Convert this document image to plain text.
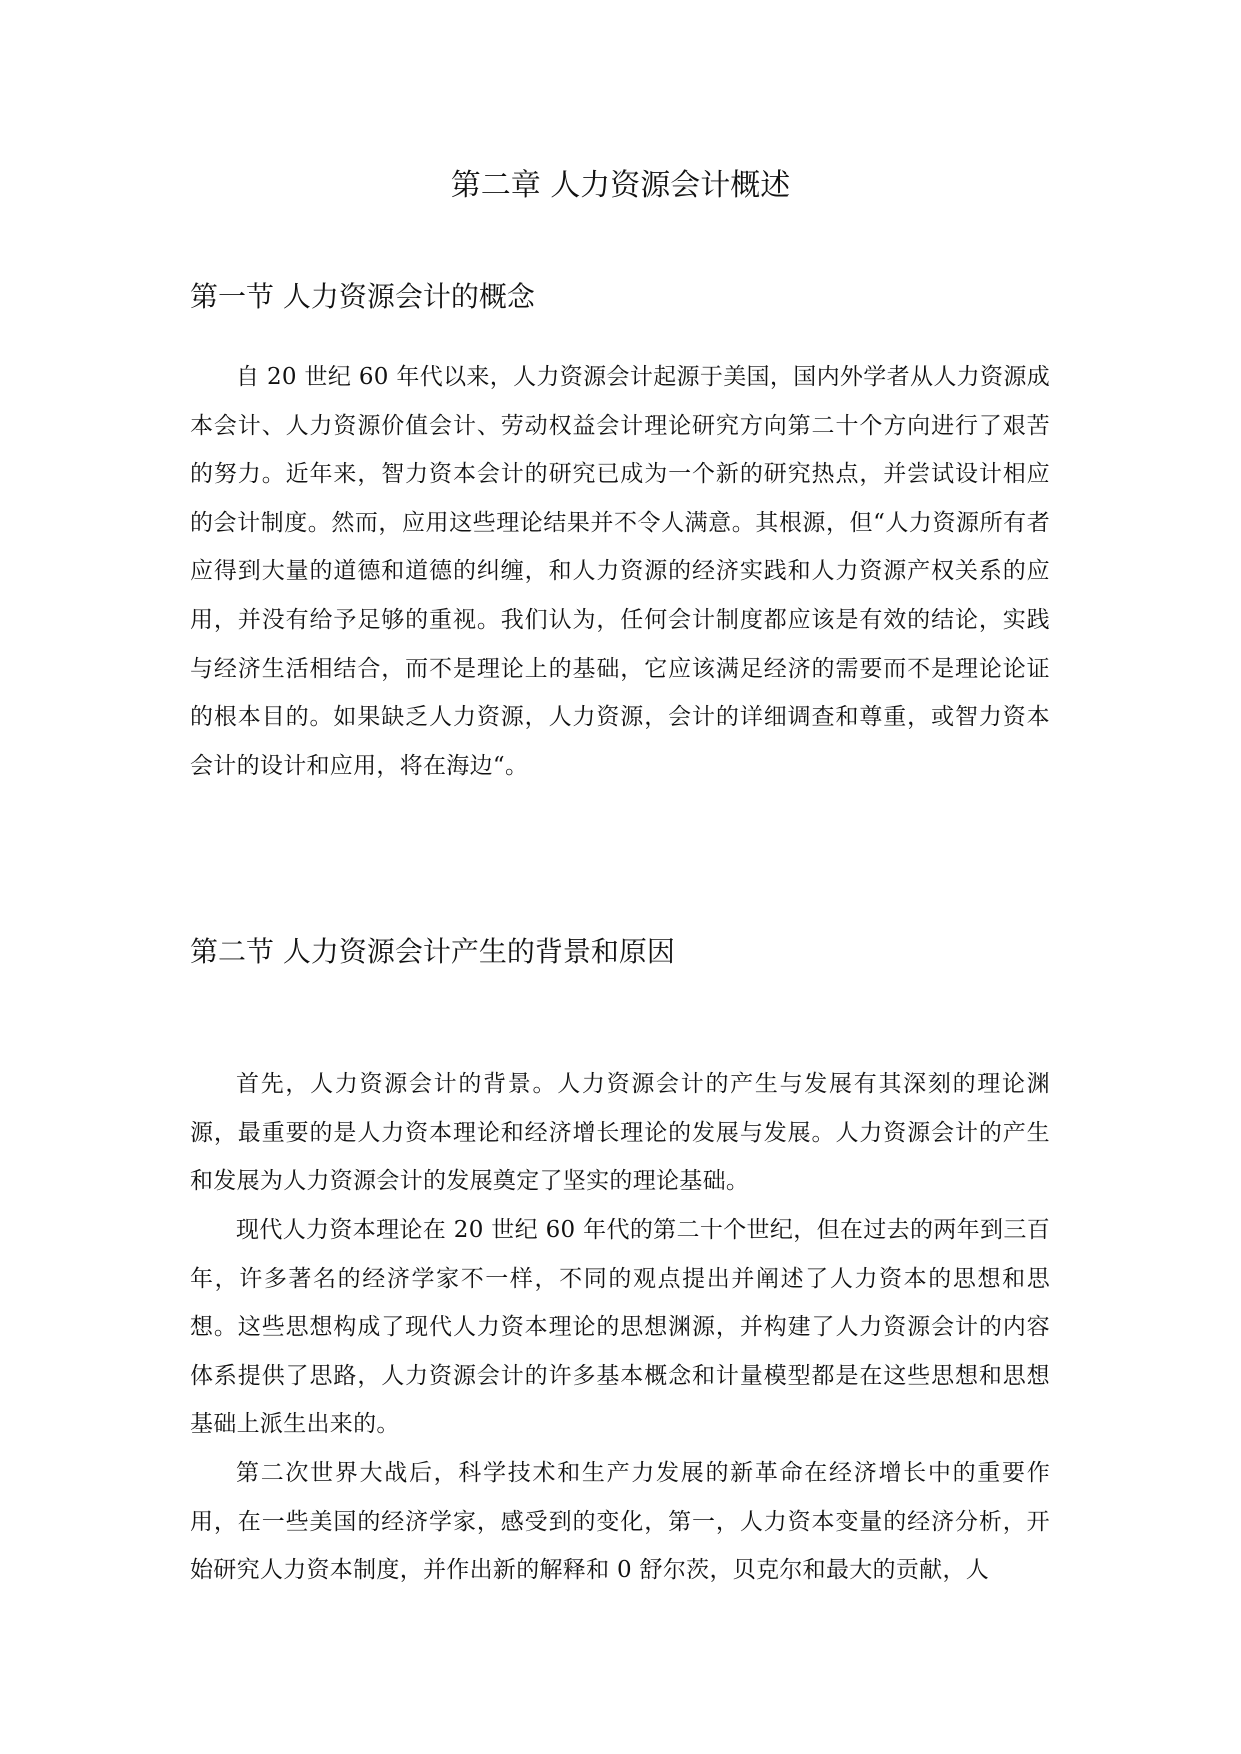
第二章 人力资源会计概述
第一节 人力资源会计的概念

自 20 世纪 60 年代以来，人力资源会计起源于美国，国内外学者从人力资源成本会计、人力资源价值会计、劳动权益会计理论研究方向第二十个方向进行了艰苦的努力。近年来，智力资本会计的研究已成为一个新的研究热点，并尝试设计相应的会计制度。然而，应用这些理论结果并不令人满意。其根源，但“人力资源所有者应得到大量的道德和道德的纠缠，和人力资源的经济实践和人力资源产权关系的应用，并没有给予足够的重视。我们认为，任何会计制度都应该是有效的结论，实践与经济生活相结合，而不是理论上的基础，它应该满足经济的需要而不是理论论证的根本目的。如果缺乏人力资源，人力资源，会计的详细调查和尊重，或智力资本会计的设计和应用，将在海边“。

第二节 人力资源会计产生的背景和原因

首先，人力资源会计的背景。人力资源会计的产生与发展有其深刻的理论渊源，最重要的是人力资本理论和经济增长理论的发展与发展。人力资源会计的产生和发展为人力资源会计的发展奠定了坚实的理论基础。

现代人力资本理论在 20 世纪 60 年代的第二十个世纪，但在过去的两年到三百年，许多著名的经济学家不一样，不同的观点提出并阐述了人力资本的思想和思想。这些思想构成了现代人力资本理论的思想渊源，并构建了人力资源会计的内容体系提供了思路，人力资源会计的许多基本概念和计量模型都是在这些思想和思想基础上派生出来的。

第二次世界大战后，科学技术和生产力发展的新革命在经济增长中的重要作用，在一些美国的经济学家，感受到的变化，第一，人力资本变量的经济分析，开始研究人力资本制度，并作出新的解释和 0 舒尔茨，贝克尔和最大的贡献，人
